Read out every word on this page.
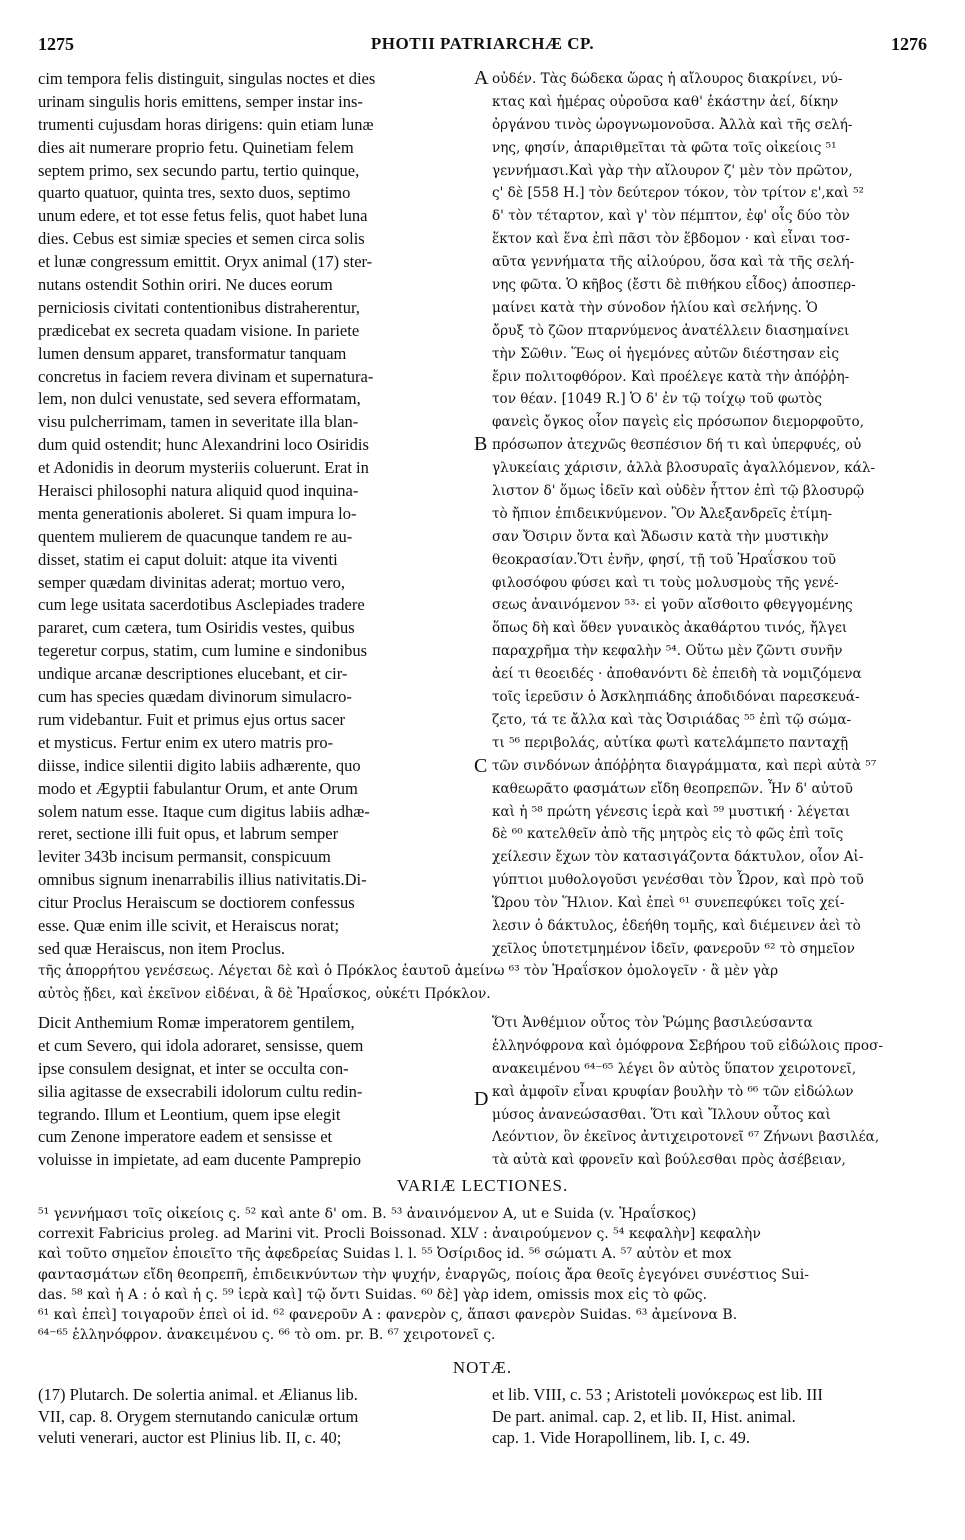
1275	PHOTII PATRIARCHÆ CP.	1276
cim tempora felis distinguit, singulas noctes et dies
urinam singulis horis emittens, semper instar ins-
trumenti cujusdam horas dirigens: quin etiam lunæ
dies ait numerare proprio fetu. Quinetiam felem
septem primo, sex secundo partu, tertio quinque,
quarto quatuor, quinta tres, sexto duos, septimo
unum edere, et tot esse fetus felis, quot habet luna
dies. Cebus est simiæ species et semen circa solis
et lunæ congressum emittit. Oryx animal (17) ster-
nutans ostendit Sothin oriri. Ne duces eorum
perniciosis civitati contentionibus distraherentur,
prædicebat ex secreta quadam visione. In pariete
lumen densum apparet, transformatur tanquam
concretus in faciem revera divinam et supernatura-
lem, non dulci venustate, sed severa efformatam,
visu pulcherrimam, tamen in severitate illa blan-
dum quid ostendit; hunc Alexandrini loco Osiridis
et Adonidis in deorum mysteriis coluerunt. Erat in
Heraisci philosophi natura aliquid quod inquina-
menta generationis aboleret. Si quam impura lo-
quentem mulierem de quacunque tandem re au-
disset, statim ei caput doluit: atque ita viventi
semper quædam divinitas aderat; mortuo vero,
cum lege usitata sacerdotibus Asclepiades tradere
pararet, cum cætera, tum Osiridis vestes, quibus
tegeretur corpus, statim, cum lumine e sindonibus
undique arcanæ descriptiones elucebant, et cir-
cum has species quædam divinorum simulacro-
rum videbantur. Fuit et primus ejus ortus sacer
et mysticus. Fertur enim ex utero matris pro-
diisse, indice silentii digito labiis adhærente, quo
modo et Ægyptii fabulantur Orum, et ante Orum
solem natum esse. Itaque cum digitus labiis adhæ-
reret, sectione illi fuit opus, et labrum semper
leviter 343b incisum permansit, conspicuum
omnibus signum inenarrabilis illius nativitatis.Di-
citur Proclus Heraiscum se doctiorem confessus
esse. Quæ enim ille scivit, et Heraiscus norat;
sed quæ Heraiscus, non item Proclus.
οὐδέν. Τὰς δώδεκα ὥρας ἡ αἴλουρος διακρίνει, νύ-
κτας καὶ ἡμέρας οὐροῦσα καθ' ἑκάστην ἀεί, δίκην
ὀργάνου τινὸς ὡρογνωμονοῦσα. Ἀλλὰ καὶ τῆς σελή-
νης, φησίν, ἀπαριθμεῖται τὰ φῶτα τοῖς οἰκείοις ⁵¹
γεννήμασι.Καὶ γὰρ τὴν αἴλουρον ζ' μὲν τὸν πρῶτον,
ς' δὲ [558 H.] τὸν δεύτερον τόκον, τὸν τρίτον ε',καὶ ⁵²
δ' τὸν τέταρτον, καὶ γ' τὸν πέμπτον, ἐφ' οἷς δύο τὸν
ἕκτον καὶ ἕνα ἐπὶ πᾶσι τὸν ἕβδομον · καὶ εἶναι τοσ-
αῦτα γεννήματα τῆς αἰλούρου, ὅσα καὶ τὰ τῆς σελή-
νης φῶτα. Ὁ κῆβος (ἔστι δὲ πιθήκου εἶδος) ἀποσπερ-
μαίνει κατὰ τὴν σύνοδον ἡλίου καὶ σελήνης. Ὁ
ὄρυξ τὸ ζῶον πταρνύμενος ἀνατέλλειν διασημαίνει
τὴν Σῶθιν. Ἕως οἱ ἡγεμόνες αὐτῶν διέστησαν εἰς
ἔριν πολιτοφθόρον. Καὶ προέλεγε κατὰ τὴν ἀπόῤῥη-
τον θέαν. [1049 R.] Ὁ δ' ἐν τῷ τοίχῳ τοῦ φωτὸς
φανεὶς ὄγκος οἷον παγεὶς εἰς πρόσωπον διεμορφοῦτο,
πρόσωπον ἀτεχνῶς θεσπέσιον δή τι καὶ ὑπερφυές, οὐ
γλυκείαις χάρισιν, ἀλλὰ βλοσυραῖς ἀγαλλόμενον, κάλ-
λιστον δ' ὅμως ἰδεῖν καὶ οὐδὲν ἧττον ἐπὶ τῷ βλοσυρῷ
τὸ ἤπιον ἐπιδεικνύμενον. Ὃν Ἀλεξανδρεῖς ἐτίμη-
σαν Ὄσιριν ὄντα καὶ Ἄδωσιν κατὰ τὴν μυστικὴν
θεοκρασίαν.Ὅτι ἐνῆν, φησί, τῇ τοῦ Ἡραΐσκου τοῦ
φιλοσόφου φύσει καὶ τι τοὺς μολυσμοὺς τῆς γενέ-
σεως ἀναινόμενον ⁵³· εἰ γοῦν αἴσθοιτο φθεγγομένης
ὅπως δὴ καὶ ὅθεν γυναικὸς ἀκαθάρτου τινός, ἤλγει
παραχρῆμα τὴν κεφαλὴν ⁵⁴. Οὕτω μὲν ζῶντι συνῆν
ἀεί τι θεοειδές · ἀποθανόντι δὲ ἐπειδὴ τὰ νομιζόμενα
τοῖς ἱερεῦσιν ὁ Ἀσκληπιάδης ἀποδιδόναι παρεσκευά-
ζετο, τά τε ἄλλα καὶ τὰς Ὀσιριάδας ⁵⁵ ἐπὶ τῷ σώμα-
τι ⁵⁶ περιβολάς, αὐτίκα φωτὶ κατελάμπετο πανταχῇ
τῶν σινδόνων ἀπόῤῥητα διαγράμματα, καὶ περὶ αὐτὰ ⁵⁷
καθεωρᾶτο φασμάτων εἴδη θεοπρεπῶν. Ἦν δ' αὐτοῦ
καὶ ἡ ⁵⁸ πρώτη γένεσις ἱερὰ καὶ ⁵⁹ μυστική · λέγεται
δὲ ⁶⁰ κατελθεῖν ἀπὸ τῆς μητρὸς εἰς τὸ φῶς ἐπὶ τοῖς
χείλεσιν ἔχων τὸν κατασιγάζοντα δάκτυλον, οἷον Αἰ-
γύπτιοι μυθολογοῦσι γενέσθαι τὸν Ὧρον, καὶ πρὸ τοῦ
Ὥρου τὸν Ἥλιον. Καὶ ἐπεὶ ⁶¹ συνεπεφύκει τοῖς χεί-
λεσιν ὁ δάκτυλος, ἐδεήθη τομῆς, καὶ διέμεινεν ἀεὶ τὸ
χεῖλος ὑποτετμημένον ἰδεῖν, φανεροῦν ⁶² τὸ σημεῖον
A
B
C
D
τῆς ἀπορρήτου γενέσεως. Λέγεται δὲ καὶ ὁ Πρόκλος ἑαυτοῦ ἀμείνω ⁶³ τὸν Ἡραΐσκον ὁμολογεῖν · ἃ μὲν γὰρ
αὐτὸς ᾔδει, καὶ ἐκεῖνον εἰδέναι, ἃ δὲ Ἡραΐσκος, οὐκέτι Πρόκλον.
Dicit Anthemium Romæ imperatorem gentilem,
et cum Severo, qui idola adoraret, sensisse, quem
ipse consulem designat, et inter se occulta con-
silia agitasse de exsecrabili idolorum cultu redin-
tegrando. Illum et Leontium, quem ipse elegit
cum Zenone imperatore eadem et sensisse et
voluisse in impietate, ad eam ducente Pamprepio
Ὅτι Ἀνθέμιον οὗτος τὸν Ῥώμης βασιλεύσαντα
ἑλληνόφρονα καὶ ὁμόφρονα Σεβήρου τοῦ εἰδώλοις προσ-
ανακειμένου ⁶⁴⁻⁶⁵ λέγει ὃν αὐτὸς ὕπατον χειροτονεῖ,
καὶ ἀμφοῖν εἶναι κρυφίαν βουλὴν τὸ ⁶⁶ τῶν εἰδώλων
μύσος ἀνανεώσασθαι. Ὅτι καὶ Ἴλλουν οὗτος καὶ
Λεόντιον, ὃν ἐκεῖνος ἀντιχειροτονεῖ ⁶⁷ Ζήνωνι βασιλέα,
τὰ αὐτὰ καὶ φρονεῖν καὶ βούλεσθαι πρὸς ἀσέβειαν,
VARIÆ LECTIONES.
⁵¹ γεννήμασι τοῖς οἰκείοις ς. ⁵² καὶ ante δ' om. B. ⁵³ ἀναινόμενον A, ut e Suida (v. Ἡραΐσκος)
correxit Fabricius proleg. ad Marini vit. Procli Boissonad. XLV : ἀναιρούμενον ς. ⁵⁴ κεφαλὴν] κεφαλὴν
καὶ τοῦτο σημεῖον ἐποιεῖτο τῆς ἀφεδρείας Suidas l. l. ⁵⁵ Ὀσίριδος id. ⁵⁶ σώματι A. ⁵⁷ αὐτὸν et mox
φαντασμάτων εἴδη θεοπρεπῆ, ἐπιδεικνύντων τὴν ψυχήν, ἐναργῶς, ποίοις ἄρα θεοῖς ἐγεγόνει συνέστιος Sui-
das. ⁵⁸ καὶ ἡ A : ὁ καὶ ἡ ς. ⁵⁹ ἱερὰ καὶ] τῷ ὄντι Suidas. ⁶⁰ δὲ] γὰρ idem, omissis mox εἰς τὸ φῶς.
⁶¹ καὶ ἐπεὶ] τοιγαροῦν ἐπεὶ οἱ id. ⁶² φανεροῦν A : φανερὸν ς, ἅπασι φανερὸν Suidas. ⁶³ ἀμείνονα B.
⁶⁴⁻⁶⁵ ἑλληνόφρον. ἀνακειμένου ς. ⁶⁶ τὸ om. pr. B. ⁶⁷ χειροτονεῖ ς.
NOTÆ.
(17) Plutarch. De solertia animal. et Ælianus lib.
VII, cap. 8. Orygem sternutando caniculæ ortum
veluti venerari, auctor est Plinius lib. II, c. 40;
et lib. VIII, c. 53 ; Aristoteli μονόκερως est lib. III
De part. animal. cap. 2, et lib. II, Hist. animal.
cap. 1. Vide Horapollinem, lib. I, c. 49.
